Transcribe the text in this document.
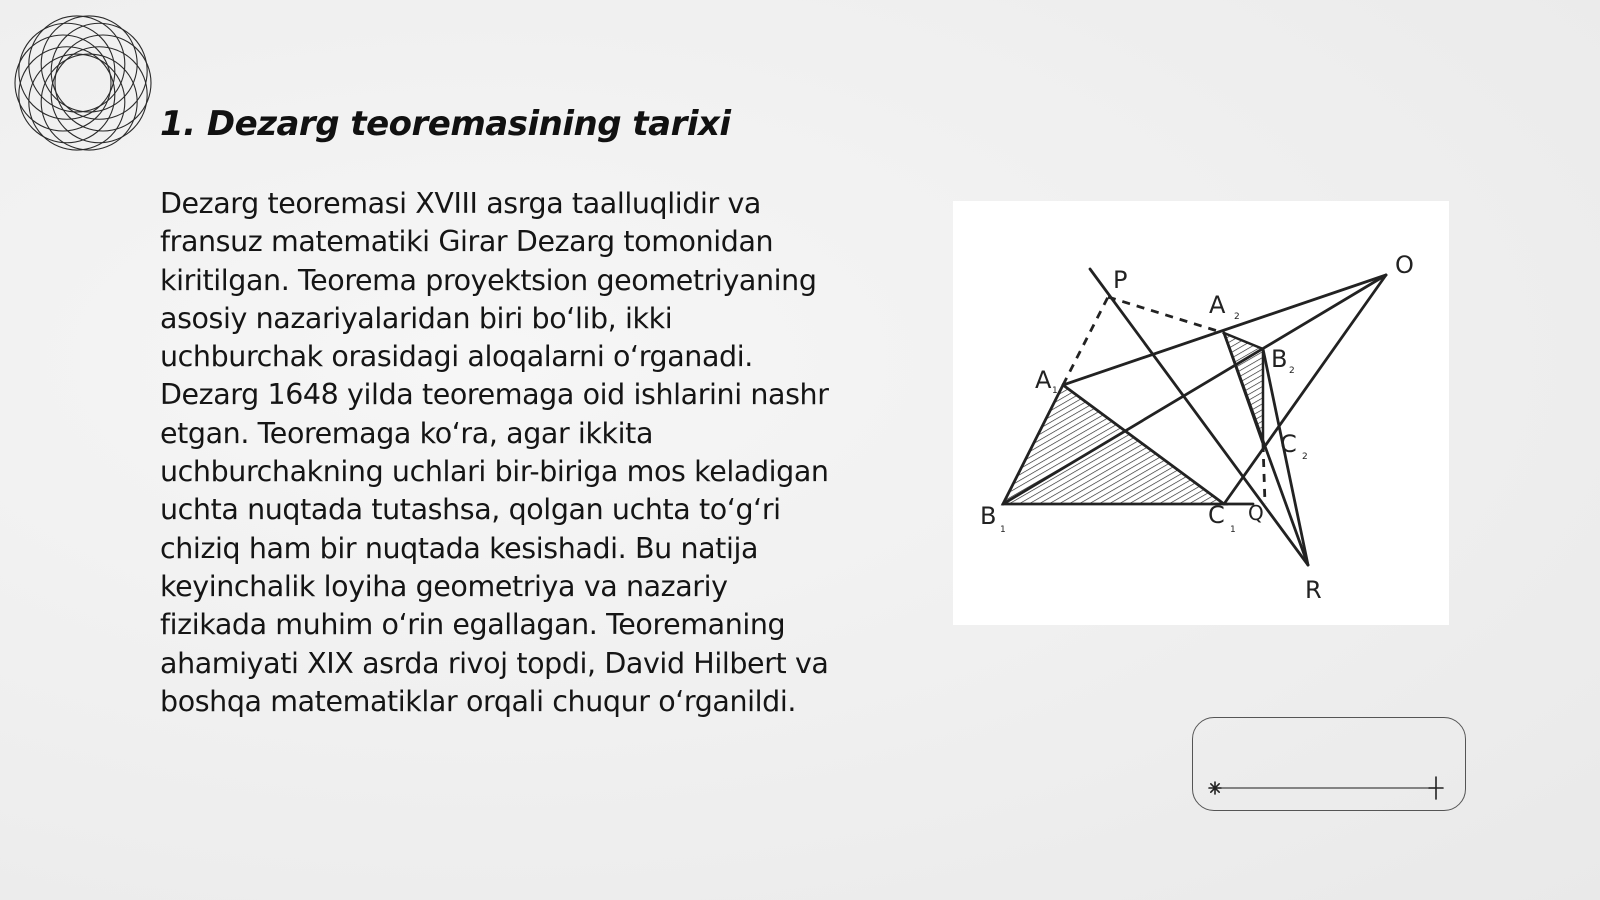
1. Dezarg teoremasining tarixi
Dezarg teoremasi XVIII asrga taalluqlidir va fransuz matematiki Girar Dezarg tomonidan kiritilgan. Teorema proyektsion geometriyaning asosiy nazariyalaridan biri bo‘lib, ikki uchburchak orasidagi aloqalarni o‘rganadi. Dezarg 1648 yilda teoremaga oid ishlarini nashr etgan. Teoremaga ko‘ra, agar ikkita uchburchakning uchlari bir-biriga mos keladigan uchta nuqtada tutashsa, qolgan uchta to‘g‘ri chiziq ham bir nuqtada kesishadi. Bu natija keyinchalik loyiha geometriya va nazariy fizikada muhim o‘rin egallagan. Teoremaning ahamiyati XIX asrda rivoj topdi, David Hilbert va boshqa matematiklar orqali chuqur o‘rganildi.
P
O
A 2
B 2
A 1
C 2
B 1
C
1
Q
R
